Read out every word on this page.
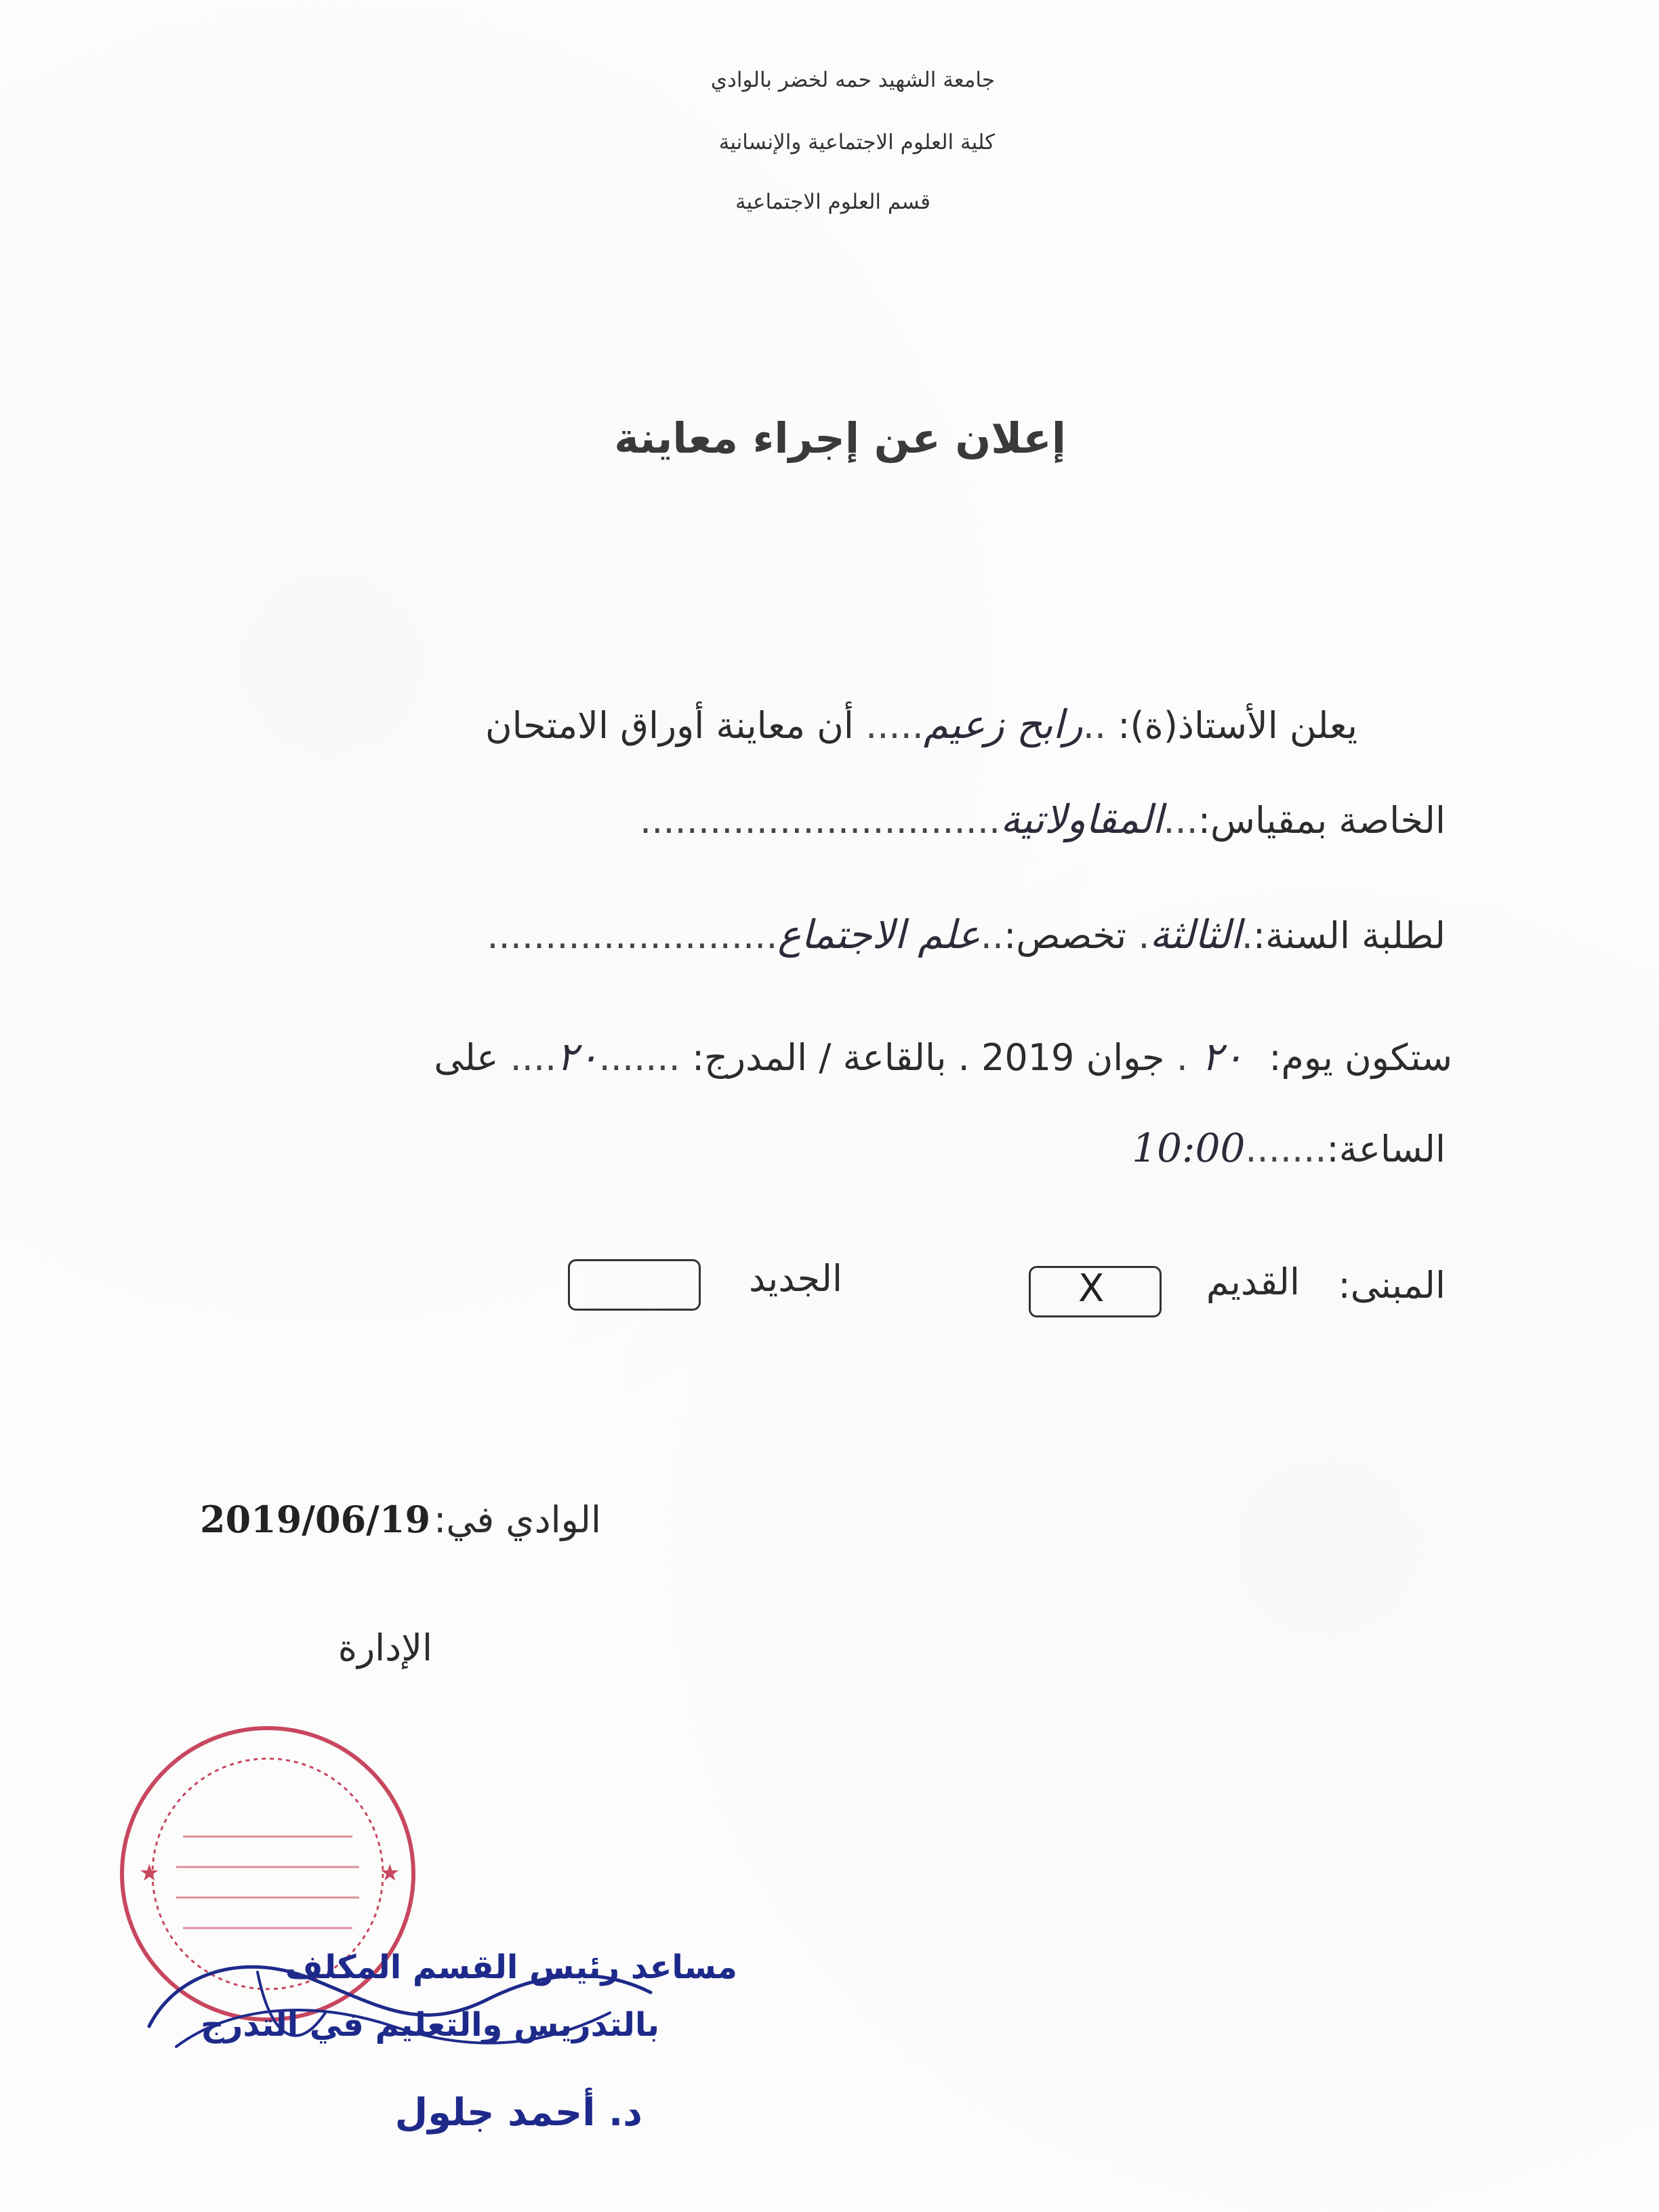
جامعة الشهيد حمه لخضر بالوادي
كلية العلوم الاجتماعية والإنسانية
قسم العلوم الاجتماعية
إعلان عن إجراء معاينة
يعلن الأستاذ(ة): ..رابح زعيم..... أن معاينة أوراق الامتحان
الخاصة بمقياس:...المقاولاتية...............................
لطلبة السنة:.الثالثة. تخصص:..علم الاجتماع.........................
ستكون يوم: ٢٠. جوان 2019 . بالقاعة / المدرج: .......٢٠.... على
الساعة:.......10:00
المبنى:
القديم
X
الجديد
2019/06/19 الوادي في:
الإدارة
★	★
مساعد رئيس القسم المكلف
بالتدريس والتعليم في التدرج
د. أحمد جلول
